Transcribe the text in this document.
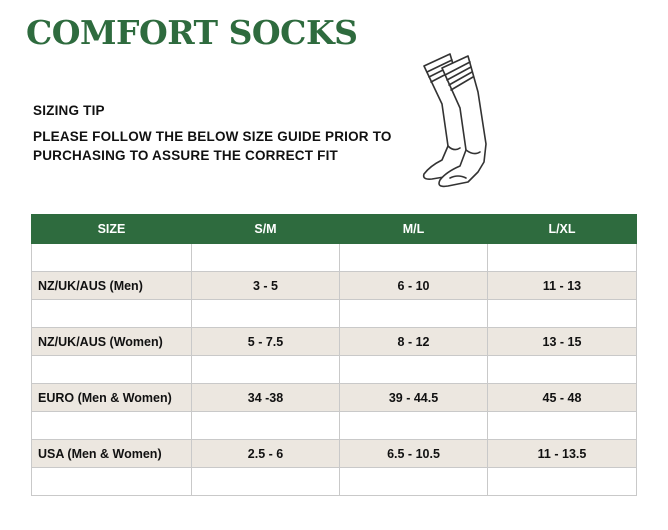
COMFORT SOCKS

SIZING TIP

PLEASE FOLLOW THE BELOW SIZE GUIDE PRIOR TO
PURCHASING TO ASSURE THE CORRECT FIT

SIZE	S/M	M/L	L/XL

NZ/UK/AUS (Men)	3 - 5	6 - 10	11 - 13

NZ/UK/AUS (Women)	5 - 7.5	8 - 12	13 - 15

EURO (Men & Women)	34 -38	39 - 44.5	45 - 48

USA (Men & Women)	2.5 - 6	6.5 - 10.5	11 - 13.5
